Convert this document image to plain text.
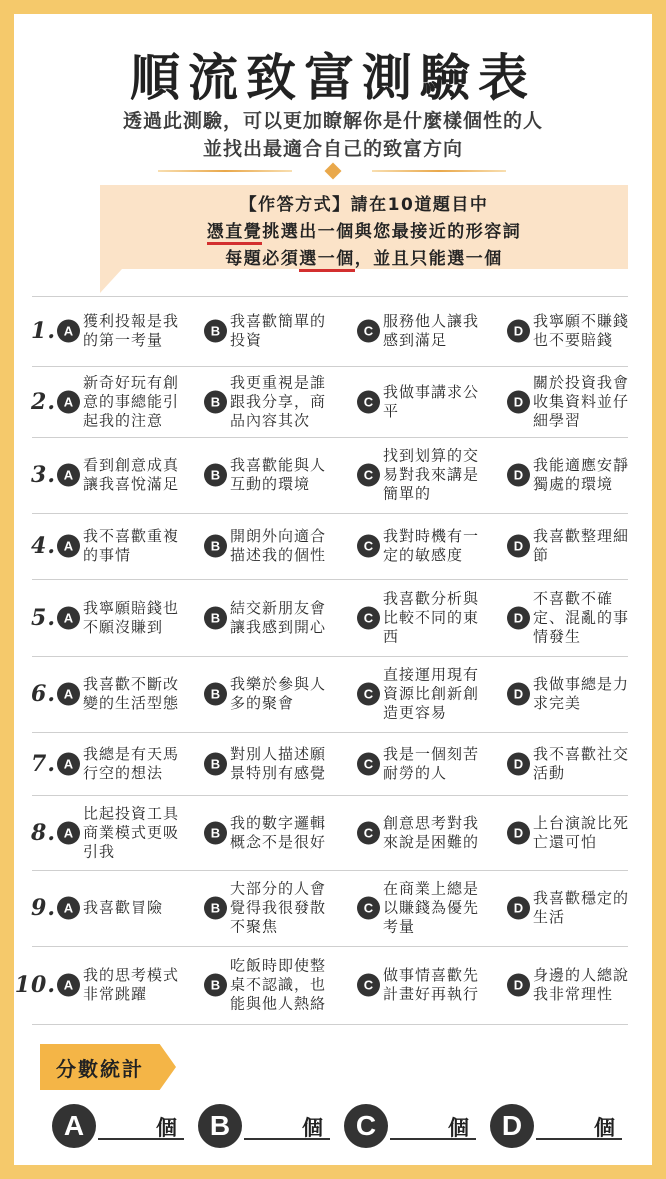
順流致富測驗表
透過此測驗，可以更加瞭解你是什麼樣個性的人
並找出最適合自己的致富方向
【作答方式】請在10道題目中
憑直覺挑選出一個與您最接近的形容詞
每題必須選一個，並且只能選一個
1. A
獲利投報是我
的第一考量	B
我喜歡簡單的
投資	C
服務他人讓我
感到滿足	D
我寧願不賺錢
也不要賠錢
2. A
新奇好玩有創
意的事總能引
起我的注意
B
我更重視是誰
跟我分享，商
品內容其次
C
我做事講求公
平	D
關於投資我會
收集資料並仔
細學習
3. A
看到創意成真
讓我喜悅滿足	B
我喜歡能與人
互動的環境	C
找到划算的交
易對我來講是
簡單的
D
我能適應安靜
獨處的環境
4. A
我不喜歡重複
的事情	B
開朗外向適合
描述我的個性	C
我對時機有一
定的敏感度	D
我喜歡整理細
節
5. A
我寧願賠錢也
不願沒賺到	B
結交新朋友會
讓我感到開心	C
我喜歡分析與
比較不同的東
西
D
不喜歡不確
定、混亂的事
情發生
6. A
我喜歡不斷改
變的生活型態	B
我樂於參與人
多的聚會	C
直接運用現有
資源比創新創
造更容易
D
我做事總是力
求完美
7. A
我總是有天馬
行空的想法	B
對別人描述願
景特別有感覺	C
我是一個刻苦
耐勞的人	D
我不喜歡社交
活動
8. A
比起投資工具
商業模式更吸
引我
B
我的數字邏輯
概念不是很好	C
創意思考對我
來說是困難的	D
上台演說比死
亡還可怕
9. A 我喜歡冒險	B
大部分的人會
覺得我很發散
不聚焦
C
在商業上總是
以賺錢為優先
考量
D
我喜歡穩定的
生活
10. A
我的思考模式
非常跳躍	B
吃飯時即使整
桌不認識，也
能與他人熱絡
C
做事情喜歡先
計畫好再執行	D
身邊的人總說
我非常理性
分數統計
A	個	B	個	C	個	D	個
